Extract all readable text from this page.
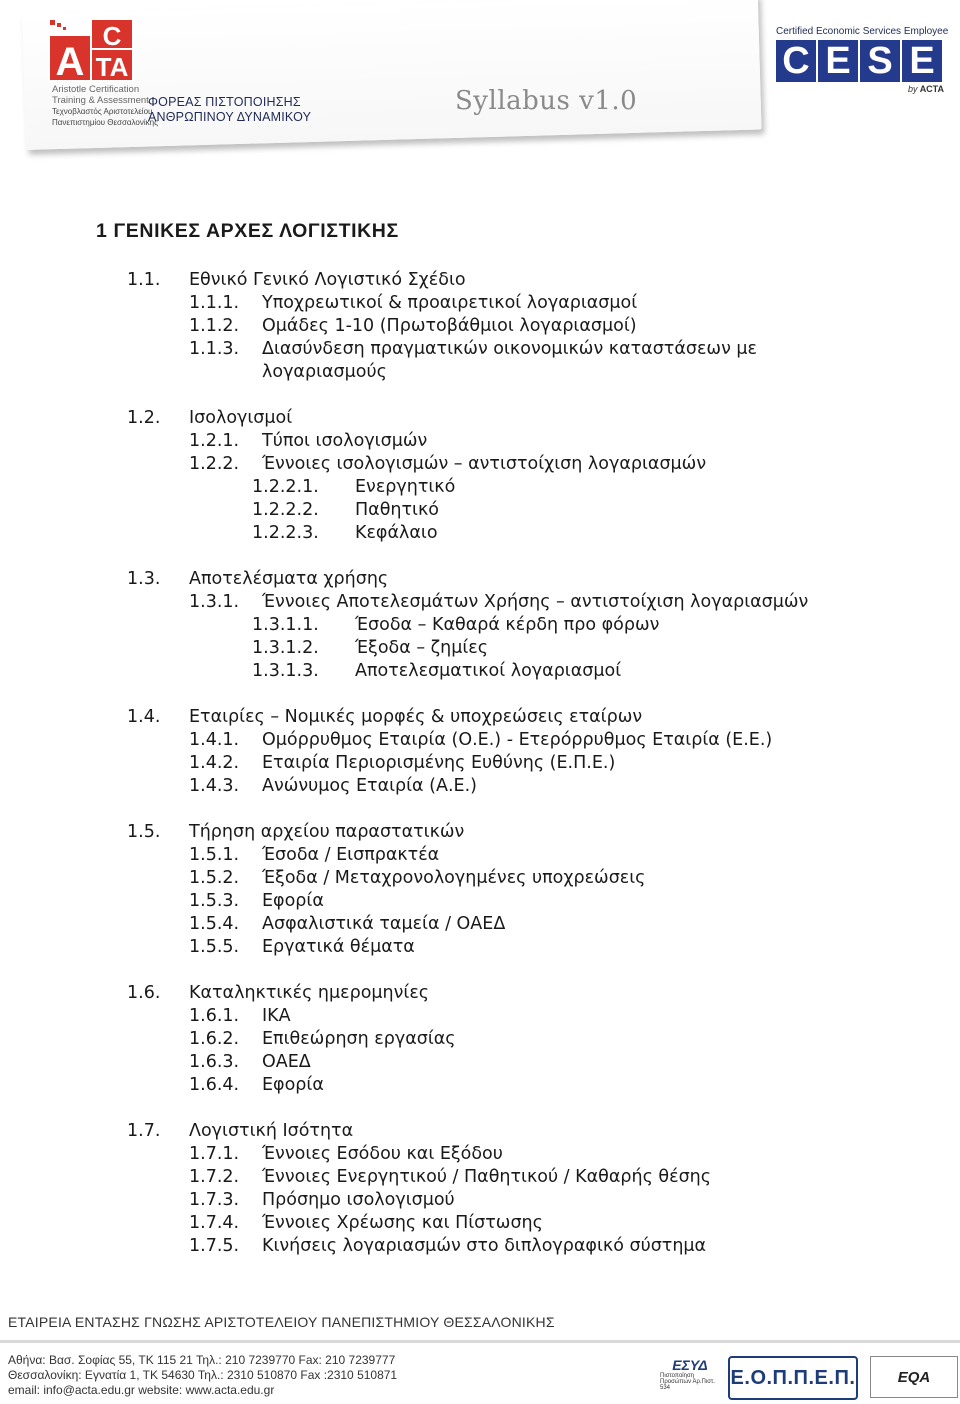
A
C
TA
Aristotle Certification
Training & Assessment
Τεχνοβλαστός Αριστοτελείου
Πανεπιστημίου Θεσσαλονίκης
ΦΟΡΕΑΣ ΠΙΣΤΟΠΟΙΗΣΗΣ
ΑΝΘΡΩΠΙΝΟΥ ΔΥΝΑΜΙΚΟΥ
Syllabus v1.0
Certified Economic Services Employee
C E S E
by ACTA
1 ΓΕΝΙΚΕΣ ΑΡΧΕΣ ΛΟΓΙΣΤΙΚΗΣ
1.1. Εθνικό Γενικό Λογιστικό Σχέδιο
1.1.1. Υποχρεωτικοί & προαιρετικοί λογαριασμοί
1.1.2. Ομάδες 1-10 (Πρωτοβάθμιοι λογαριασμοί)
1.1.3. Διασύνδεση πραγματικών οικονομικών καταστάσεων με
λογαριασμούς
1.2. Ισολογισμοί
1.2.1. Τύποι ισολογισμών
1.2.2. Έννοιες ισολογισμών – αντιστοίχιση λογαριασμών
1.2.2.1. Ενεργητικό
1.2.2.2. Παθητικό
1.2.2.3. Κεφάλαιο
1.3. Αποτελέσματα χρήσης
1.3.1. Έννοιες Αποτελεσμάτων Χρήσης – αντιστοίχιση λογαριασμών
1.3.1.1. Έσοδα – Καθαρά κέρδη προ φόρων
1.3.1.2. Έξοδα – ζημίες
1.3.1.3. Αποτελεσματικοί λογαριασμοί
1.4. Εταιρίες – Νομικές μορφές & υποχρεώσεις εταίρων
1.4.1. Ομόρρυθμος Εταιρία (Ο.Ε.) - Ετερόρρυθμος Εταιρία (Ε.Ε.)
1.4.2. Εταιρία Περιορισμένης Ευθύνης (Ε.Π.Ε.)
1.4.3. Ανώνυμος Εταιρία (Α.Ε.)
1.5. Τήρηση αρχείου παραστατικών
1.5.1. Έσοδα / Εισπρακτέα
1.5.2. Έξοδα / Μεταχρονολογημένες υποχρεώσεις
1.5.3. Εφορία
1.5.4. Ασφαλιστικά ταμεία / ΟΑΕΔ
1.5.5. Εργατικά θέματα
1.6. Καταληκτικές ημερομηνίες
1.6.1. ΙΚΑ
1.6.2. Επιθεώρηση εργασίας
1.6.3. ΟΑΕΔ
1.6.4. Εφορία
1.7. Λογιστική Ισότητα
1.7.1. Έννοιες Εσόδου και Εξόδου
1.7.2. Έννοιες Ενεργητικού / Παθητικού / Καθαρής θέσης
1.7.3. Πρόσημο ισολογισμού
1.7.4. Έννοιες Χρέωσης και Πίστωσης
1.7.5. Κινήσεις λογαριασμών στο διπλογραφικό σύστημα
ΕΤΑΙΡΕΙΑ ΕΝΤΑΣΗΣ ΓΝΩΣΗΣ ΑΡΙΣΤΟΤΕΛΕΙΟΥ ΠΑΝΕΠΙΣΤΗΜΙΟΥ ΘΕΣΣΑΛΟΝΙΚΗΣ
Αθήνα: Βασ. Σοφίας 55, ΤΚ 115 21 Τηλ.: 210 7239770 Fax: 210 7239777
Θεσσαλονίκη: Εγνατία 1, ΤΚ 54630 Τηλ.: 2310 510870 Fax :2310 510871
email: info@acta.edu.gr website: www.acta.edu.gr
ΕΣΥΔ
Πιστοποίηση Προσώπων Αρ.Πιστ. 534	Ε.Ο.Π.Π.Ε.Π.	EQA
